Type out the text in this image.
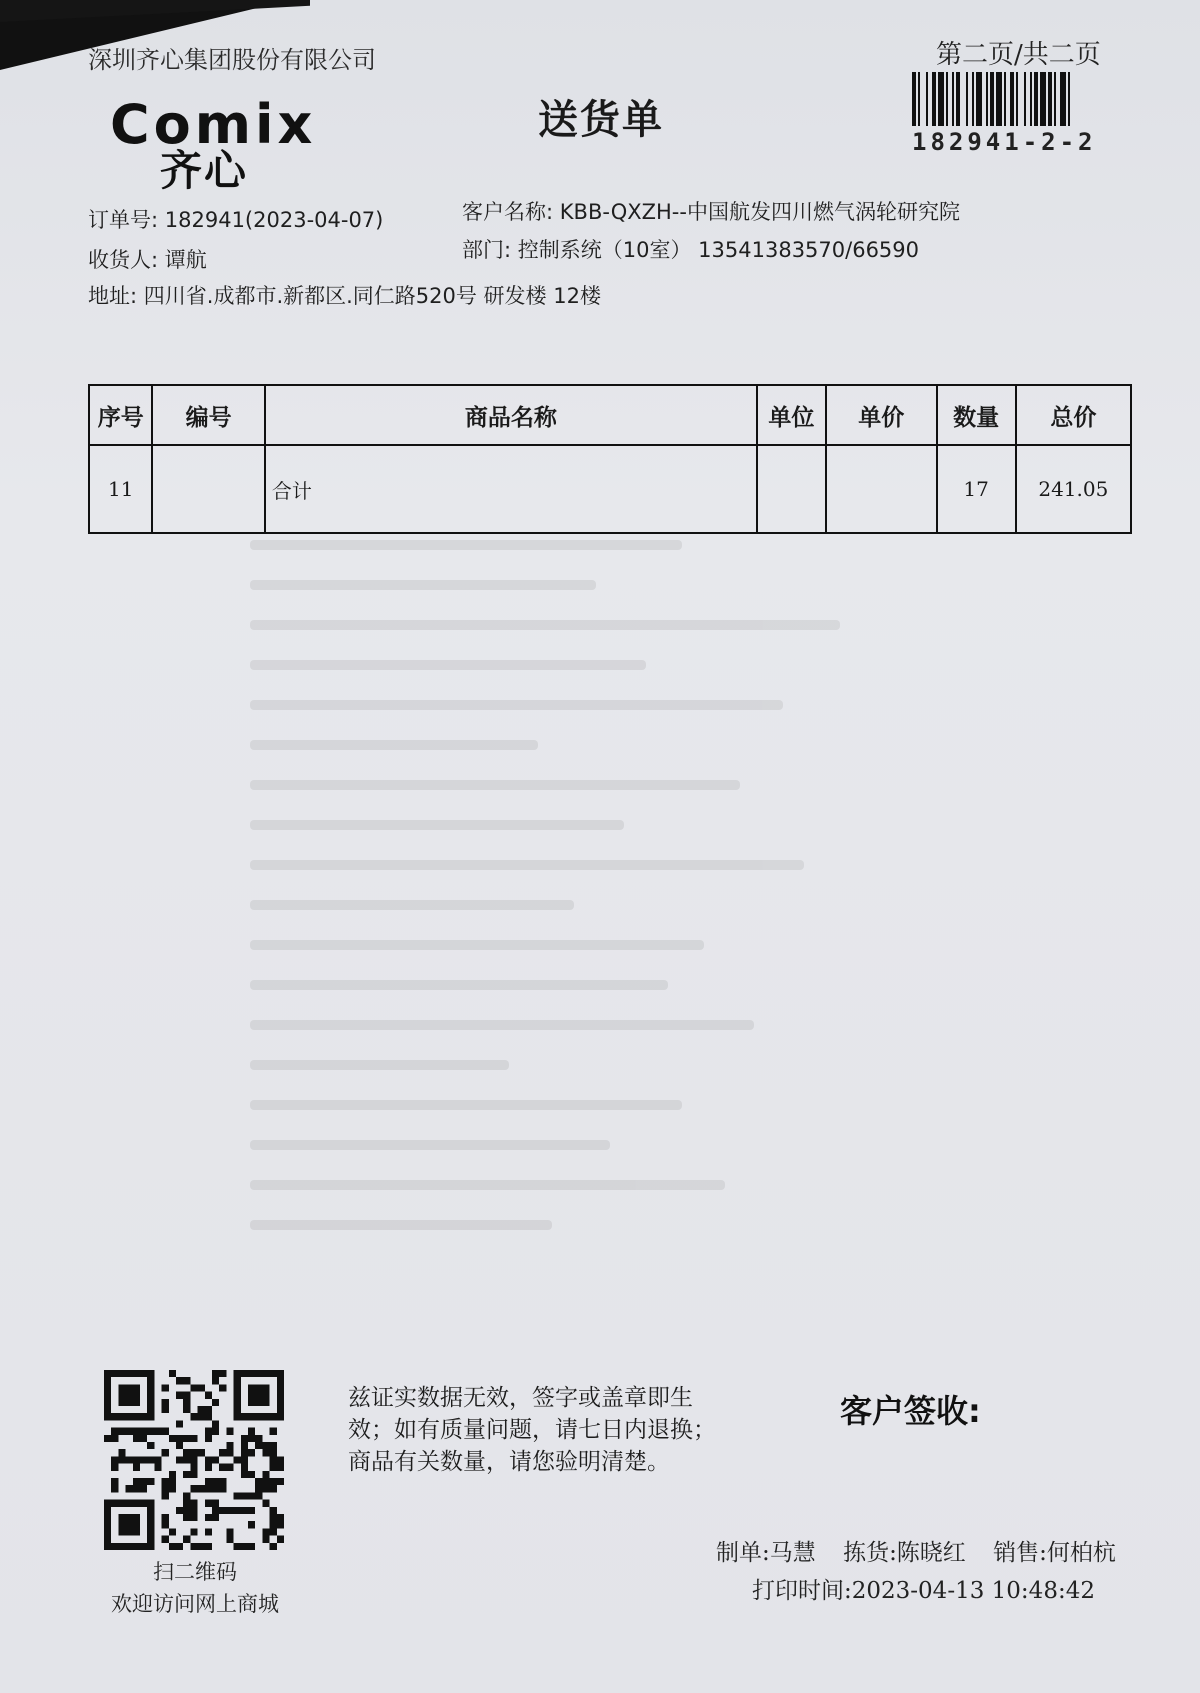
深圳齐心集团股份有限公司	第二页/共二页
182941-2-2
Comix
齐心
送货单
订单号: 182941(2023-04-07)
收货人: 谭航
地址: 四川省.成都市.新都区.同仁路520号 研发楼 12楼
客户名称: KBB-QXZH--中国航发四川燃气涡轮研究院
部门: 控制系统（10室） 13541383570/66590
序号	编号	商品名称	单位	单价	数量	总价
11		合计			17	241.05
扫二维码
欢迎访问网上商城
兹证实数据无效，签字或盖章即生
效；如有质量问题，请七日内退换；
商品有关数量，请您验明清楚。
客户签收:
制单:马慧 拣货:陈晓红 销售:何柏杭
打印时间:2023-04-13 10:48:42
